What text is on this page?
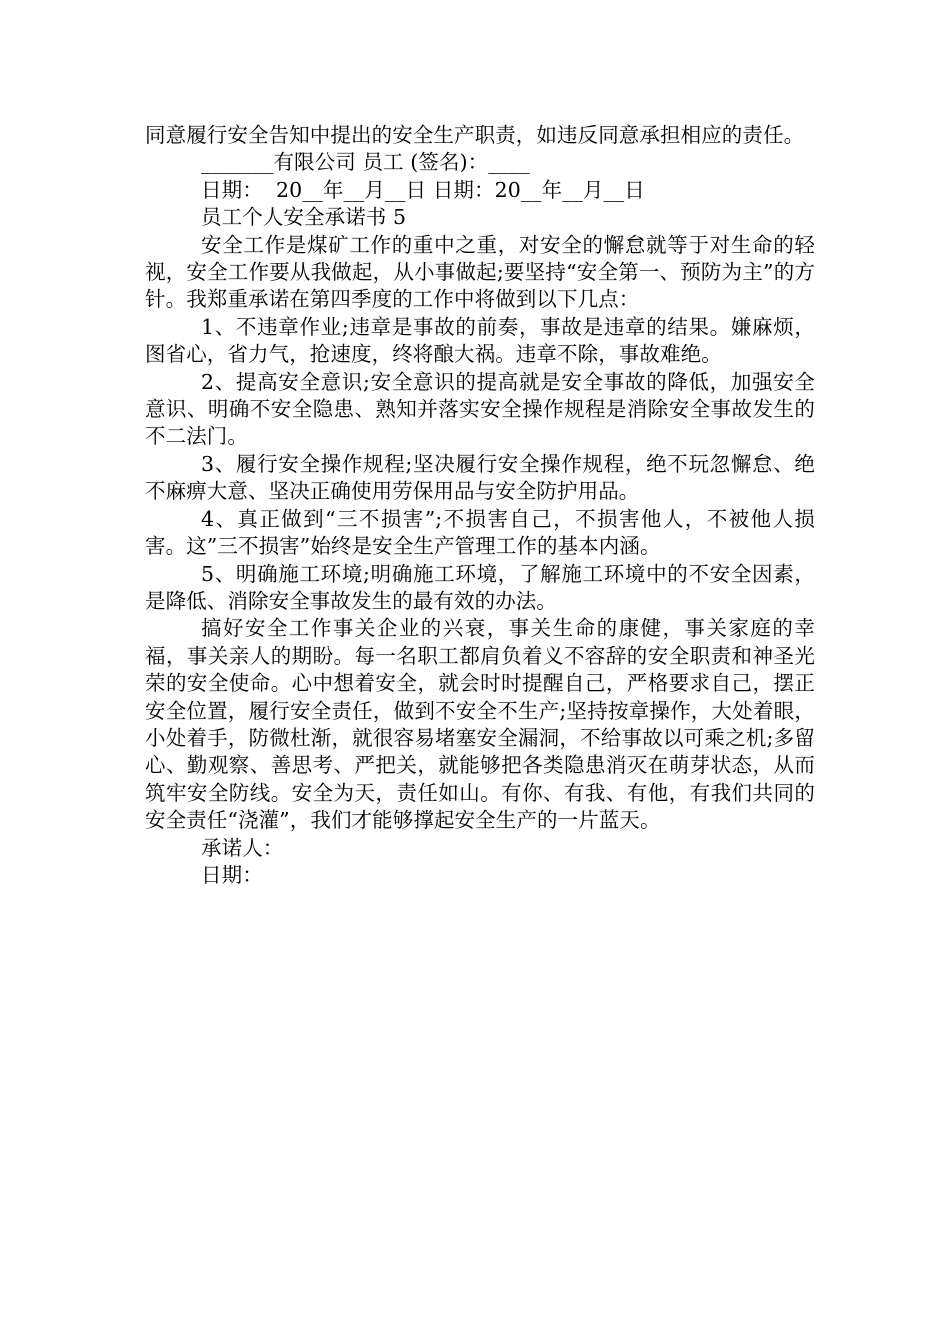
同意履行安全告知中提出的安全生产职责，如违反同意承担相应的责任。

_______有限公司 员工 (签名)：____

日期：  20__年__月__日 日期：20__年__月__日

员工个人安全承诺书 5

安全工作是煤矿工作的重中之重，对安全的懈怠就等于对生命的轻视，安全工作要从我做起，从小事做起;要坚持“安全第一、预防为主”的方针。我郑重承诺在第四季度的工作中将做到以下几点：

1、不违章作业;违章是事故的前奏，事故是违章的结果。嫌麻烦，图省心，省力气，抢速度，终将酿大祸。违章不除，事故难绝。

2、提高安全意识;安全意识的提高就是安全事故的降低，加强安全意识、明确不安全隐患、熟知并落实安全操作规程是消除安全事故发生的不二法门。

3、履行安全操作规程;坚决履行安全操作规程，绝不玩忽懈怠、绝不麻痹大意、坚决正确使用劳保用品与安全防护用品。

4、真正做到“三不损害”;不损害自己，不损害他人，不被他人损害。这”三不损害”始终是安全生产管理工作的基本内涵。

5、明确施工环境;明确施工环境，了解施工环境中的不安全因素，是降低、消除安全事故发生的最有效的办法。

搞好安全工作事关企业的兴衰，事关生命的康健，事关家庭的幸福，事关亲人的期盼。每一名职工都肩负着义不容辞的安全职责和神圣光荣的安全使命。心中想着安全，就会时时提醒自己，严格要求自己，摆正安全位置，履行安全责任，做到不安全不生产;坚持按章操作，大处着眼，小处着手，防微杜渐，就很容易堵塞安全漏洞，不给事故以可乘之机;多留心、勤观察、善思考、严把关，就能够把各类隐患消灭在萌芽状态，从而筑牢安全防线。安全为天，责任如山。有你、有我、有他，有我们共同的安全责任“浇灌”，我们才能够撑起安全生产的一片蓝天。

承诺人：

日期：
